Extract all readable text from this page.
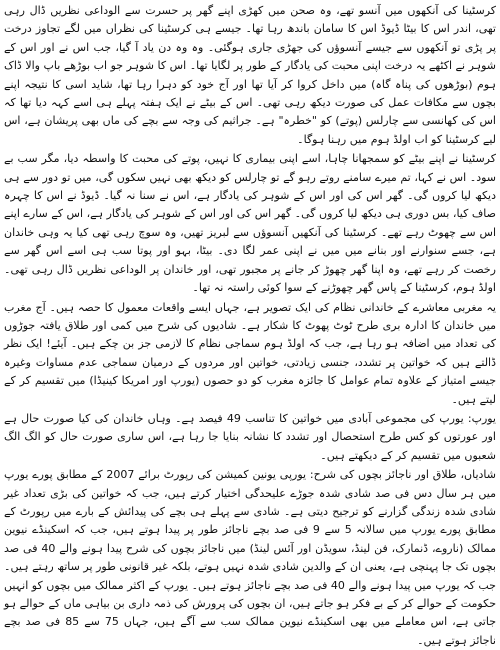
کرسٹینا کی آنکھوں میں آنسو تھے، وہ صحن میں کھڑی اپنے گھر پر حسرت سے الوداعی نظریں ڈال رہی تھی، اندر اس کا بیٹا ڈیوڈ اس کا سامان باندھ رہا تھا۔ جیسے ہی کرسٹینا کی نظراں میں لگے تجاوز درخت پر پڑی تو آنکھوں سے جیسے آنسوؤں کی جھڑی جاری ہوگئی۔ وہ وہ دن یاد آ گیا، جب اس نے اور اس کے شوہر نے اکٹھے یہ درخت اپنی محبت کی یادگار کے طور پر لگایا تھا۔ اس کا شوہر جو اب بوڑھے باپ والا ڈاک ہوم (بوڑھوں کی پناہ گاہ) میں داخل کروا کر آیا تھا اور آج خود کو دہرا رہا تھا، شاید اسی کا نتیجہ اپنے بچوں سے مکافات عمل کی صورت دیکھ رہی تھی۔ اس کے بیٹے نے ایک ہفتہ پہلے ہی اسے کہہ دیا تھا کہ اس کی کھانسی سے چارلس (پوتے) کو "خطرہ" ہے۔ جراثیم کی وجہ سے بچے کی ماں بھی پریشان ہے، اس لیے کرسٹینا کو اب اولڈ ہوم میں رہنا ہوگا۔

کرسٹینا نے اپنے بیٹے کو سمجھانا چاہا، اسے اپنی بیماری کا نہیں، پوتے کی محبت کا واسطہ دیا، مگر سب بے سود۔ اس نے کہا، تم میرے سامنے روتے رہو گے تو چارلس کو دیکھ بھی نہیں سکوں گی، میں تو دور سے ہی دیکھ لیا کروں گی۔ گھر اس کی اور اس کے شوہر کی یادگار ہے، اس نے سنا نہ گیا۔ ڈیوڈ نے اس کا چہرہ صاف کیا، بس دوری ہی دیکھ لیا کروں گی۔ گھر اس کی اور اس کے شوہر کی یادگار ہے، اس کے سارے اپنے اس سے چھوٹ رہے تھے۔ کرسٹینا کی آنکھیں آنسوؤں سے لبریز تھیں، وہ سوچ رہی تھی کیا یہ وہی خاندان ہے، جسے سنوارنے اور بنانے میں میں نے اپنی عمر لگا دی۔ بیٹا، بہو اور پوتا سب ہی اسے اس گھر سے رخصت کر رہے تھے، وہ اپنا گھر چھوڑ کر جانے پر مجبور تھی، اور خاندان پر الوداعی نظریں ڈال رہی تھی۔ اولڈ ہوم، کرسٹینا کے پاس گھر چھوڑنے کے سوا کوئی راستہ نہ تھا۔

یہ مغربی معاشرے کے خاندانی نظام کی ایک تصویر ہے، جہاں ایسے واقعات معمول کا حصہ ہیں۔ آج مغرب میں خاندان کا ادارہ بری طرح ٹوٹ پھوٹ کا شکار ہے۔ شادیوں کی شرح میں کمی اور طلاق یافتہ جوڑوں کی تعداد میں اضافہ ہو رہا ہے، جب کہ اولڈ ہوم سماجی نظام کا لازمی جز بن چکے ہیں۔ آیئے! ایک نظر ڈالتے ہیں کہ خواتین پر تشدد، جنسی زیادتی، خواتین اور مردوں کے درمیان سماجی عدم مساوات وغیرہ جیسے امتیاز کے علاوہ تمام عوامل کا جائزہ مغرب کو دو حصوں (یورپ اور امریکا کینیڈا) میں تقسیم کر کے لیتے ہیں۔

یورپ: یورپ کی مجموعی آبادی میں خواتین کا تناسب 49 فیصد ہے۔ وہاں خاندان کی کیا صورت حال ہے اور عورتوں کو کس طرح استحصال اور تشدد کا نشانہ بنایا جا رہا ہے، اس ساری صورت حال کو الگ الگ شعبوں میں تقسیم کر کے دیکھتے ہیں۔

شادیاں، طلاق اور ناجائز بچوں کی شرح: یورپی یونین کمیشن کی رپورٹ برائے 2007 کے مطابق پورے یورپ میں ہر سال دس فی صد شادی شدہ جوڑے علیحدگی اختیار کرتے ہیں، جب کہ خواتین کی بڑی تعداد غیر شادی شدہ زندگی گزارنے کو ترجیح دیتی ہے۔ شادی سے پہلے ہی بچے کی پیدائش کے بارے میں رپورٹ کے مطابق پورے یورپ میں سالانہ 5 سے 9 فی صد بچے ناجائز طور پر پیدا ہوتے ہیں، جب کہ اسکینڈے نیوین ممالک (ناروے، ڈنمارک، فن لینڈ، سویڈن اور آئس لینڈ) میں ناجائز بچوں کی شرح پیدا ہونے والے 40 فی صد بچوں تک جا پہنچی ہے، یعنی ان کے والدین شادی شدہ نہیں ہوتے، بلکہ غیر قانونی طور پر ساتھ رہتے ہیں۔ جب کہ یورپ میں پیدا ہونے والے 40 فی صد بچے ناجائز ہوتے ہیں۔ یورپ کے اکثر ممالک میں بچوں کو انہیں حکومت کے حوالے کر کے بے فکر ہو جاتے ہیں، ان بچوں کی پرورش کی ذمہ داری بن بیاہی ماں کے حوالے ہو جاتی ہے، اس معاملے میں بھی اسکینڈے نیوین ممالک سب سے آگے ہیں، جہاں 75 سے 85 فی صد بچے ناجائز ہوتے ہیں۔
